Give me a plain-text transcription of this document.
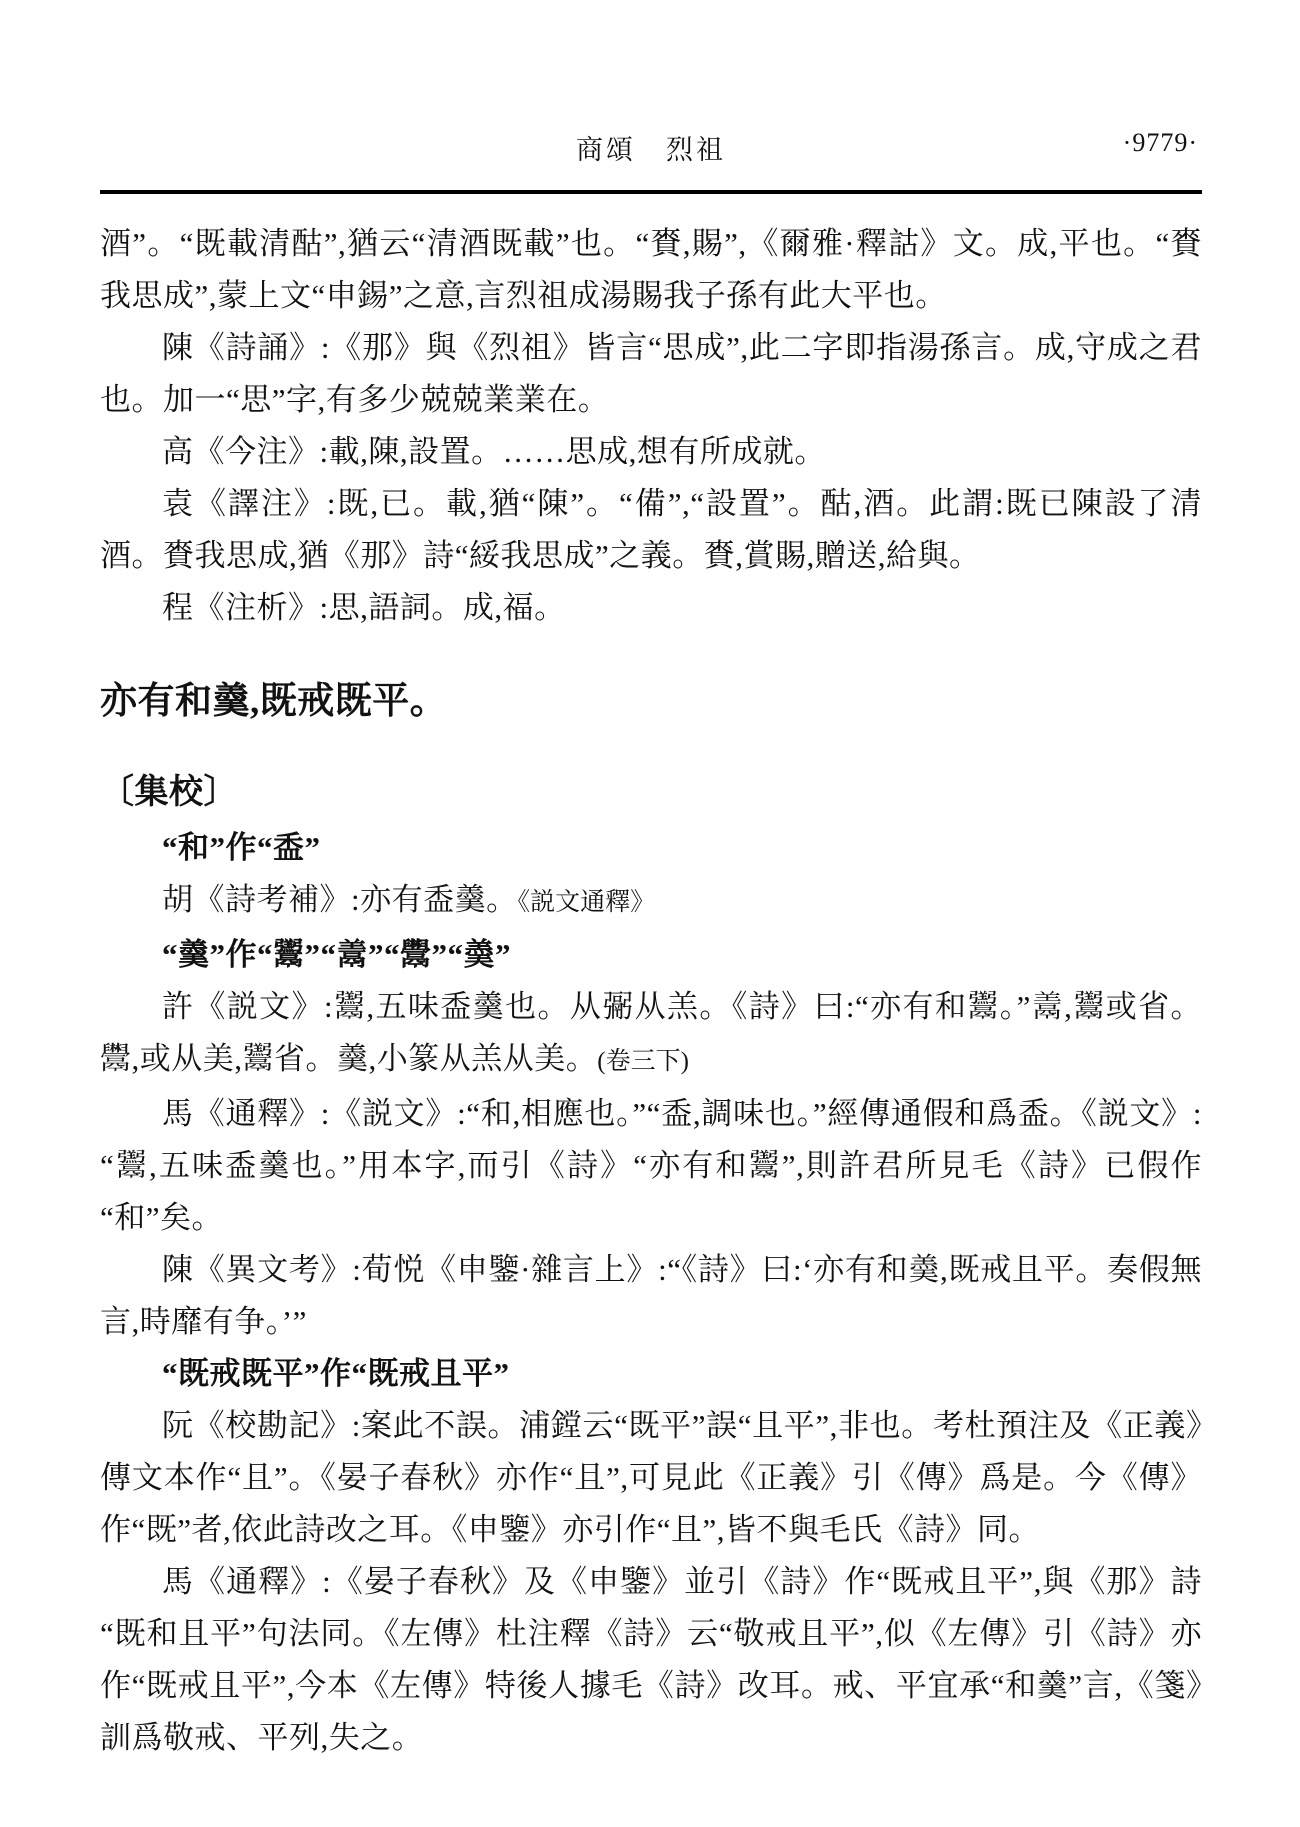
商頌　烈祖	·9779·

酒”。“既載清酤”,猶云“清酒既載”也。“賚,賜”,《爾雅·釋詁》文。成,平也。“賚我思成”,蒙上文“申錫”之意,言烈祖成湯賜我子孫有此大平也。

陳《詩誦》:《那》與《烈祖》皆言“思成”,此二字即指湯孫言。成,守成之君也。加一“思”字,有多少兢兢業業在。

高《今注》:載,陳,設置。……思成,想有所成就。

袁《譯注》:既,已。載,猶“陳”。“備”,“設置”。酤,酒。此謂:既已陳設了清酒。賚我思成,猶《那》詩“綏我思成”之義。賚,賞賜,贈送,給與。

程《注析》:思,語詞。成,福。

亦有和羹,既戒既平。

〔集校〕

“和”作“盉”

胡《詩考補》:亦有盉羹。《説文通釋》

“羹”作“𩱧”“𩰱”“𩱬”“羮”

許《説文》:𩱧,五味盉羹也。从䰜从羔。《詩》曰:“亦有和𩱧。”𩰱,𩱧或省。𩱬,或从美,𩱧省。羹,小篆从羔从美。(卷三下)

馬《通釋》:《説文》:“和,相應也。”“盉,調味也。”經傳通假和爲盉。《説文》:“𩱧,五味盉羹也。”用本字,而引《詩》“亦有和𩱧”,則許君所見毛《詩》已假作“和”矣。

陳《異文考》:荀悦《申鑒·雜言上》:“《詩》曰:‘亦有和羮,既戒且平。奏假無言,時靡有争。’”

“既戒既平”作“既戒且平”

阮《校勘記》:案此不誤。浦鏜云“既平”誤“且平”,非也。考杜預注及《正義》傳文本作“且”。《晏子春秋》亦作“且”,可見此《正義》引《傳》爲是。今《傳》作“既”者,依此詩改之耳。《申鑒》亦引作“且”,皆不與毛氏《詩》同。

馬《通釋》:《晏子春秋》及《申鑒》並引《詩》作“既戒且平”,與《那》詩“既和且平”句法同。《左傳》杜注釋《詩》云“敬戒且平”,似《左傳》引《詩》亦作“既戒且平”,今本《左傳》特後人據毛《詩》改耳。戒、平宜承“和羹”言,《箋》訓爲敬戒、平列,失之。
